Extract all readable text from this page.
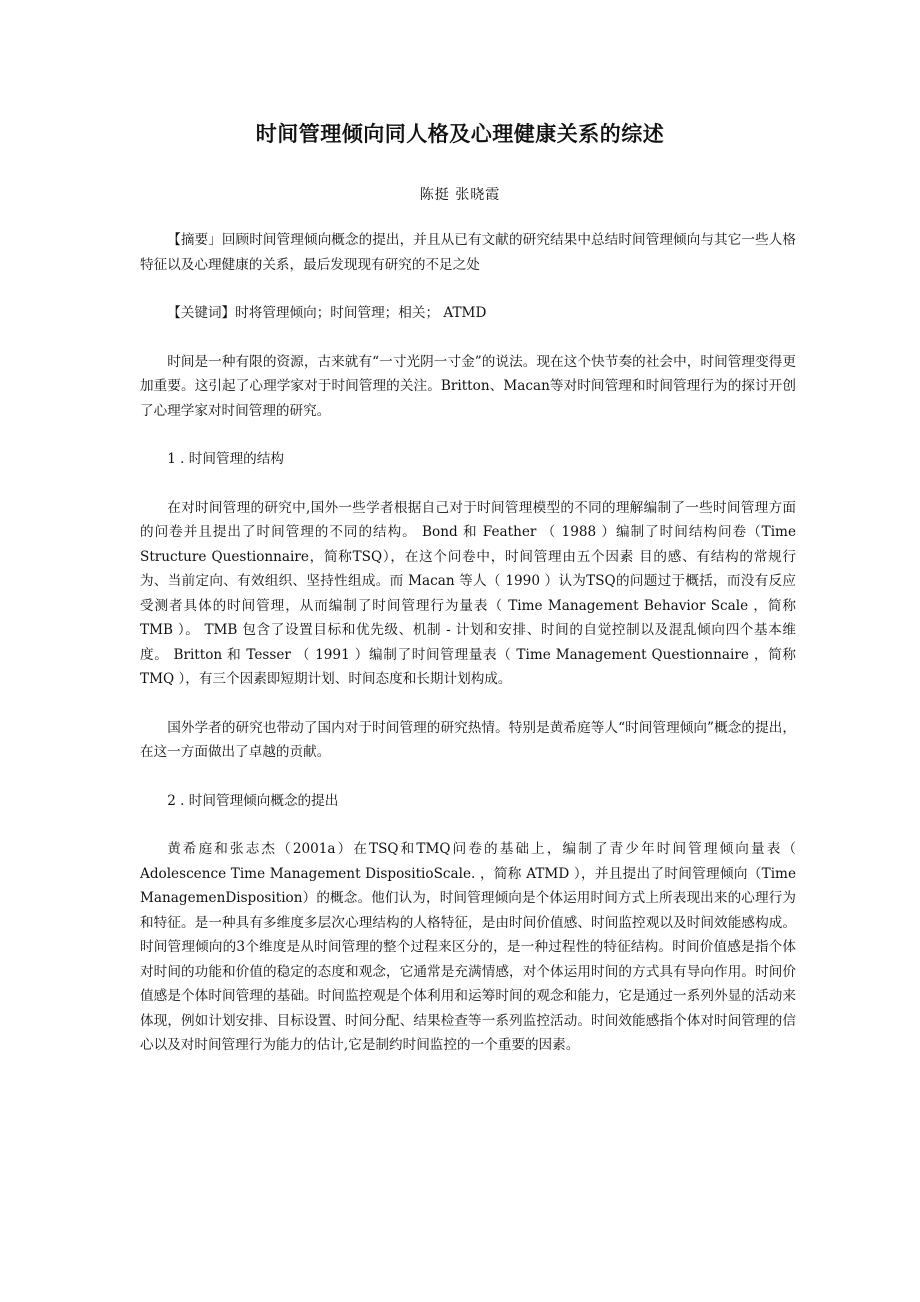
时间管理倾向同人格及心理健康关系的综述
陈挺 张晓霞

【摘要」回顾时间管理倾向概念的提出，并且从已有文献的研究结果中总结时间管理倾向与其它一些人格特征以及心理健康的关系，最后发现现有研究的不足之处

【关键词】时将管理倾向；时间管理；相关； ATMD

时间是一种有限的资源，古来就有“一寸光阴一寸金”的说法。现在这个快节奏的社会中，时间管理变得更加重要。这引起了心理学家对于时间管理的关注。Britton、Macan等对时间管理和时间管理行为的探讨开创了心理学家对时间管理的研究。

1 . 时间管理的结构

在对时间管理的研究中,国外一些学者根据自己对于时间管理模型的不同的理解编制了一些时间管理方面的问卷并且提出了时间管理的不同的结构。 Bond 和 Feather （ 1988 ）编制了时间结构问卷（Time Structure Questionnaire，简称TSQ），在这个问卷中，时间管理由五个因素 目的感、有结构的常规行为、当前定向、有效组织、坚持性组成。而 Macan 等人（ 1990 ）认为TSQ的问题过于概括，而没有反应受测者具体的时间管理，从而编制了时间管理行为量表（ Time Management Behavior Scale ，简称 TMB ）。 TMB 包含了设置目标和优先级、机制 - 计划和安排、时间的自觉控制以及混乱倾向四个基本维度。 Britton 和 Tesser （ 1991 ）编制了时间管理量表（ Time Management Questionnaire ，简称 TMQ ），有三个因素即短期计划、时间态度和长期计划构成。

国外学者的研究也带动了国内对于时间管理的研究热情。特别是黄希庭等人“时间管理倾向”概念的提出，在这一方面做出了卓越的贡献。

2 . 时间管理倾向概念的提出

黄希庭和张志杰（2001a）在TSQ和TMQ问卷的基础上，编制了青少年时间管理倾向量表（ Adolescence Time Management DispositioScale. ，简称 ATMD ），并且提出了时间管理倾向（Time ManagemenDisposition）的概念。他们认为，时间管理倾向是个体运用时间方式上所表现出来的心理行为和特征。是一种具有多维度多层次心理结构的人格特征，是由时间价值感、时间监控观以及时间效能感构成。时间管理倾向的3个维度是从时间管理的整个过程来区分的，是一种过程性的特征结构。时间价值感是指个体对时间的功能和价值的稳定的态度和观念，它通常是充满情感，对个体运用时间的方式具有导向作用。时间价值感是个体时间管理的基础。时间监控观是个体利用和运筹时间的观念和能力，它是通过一系列外显的活动来体现，例如计划安排、目标设置、时间分配、结果检查等一系列监控活动。时间效能感指个体对时间管理的信心以及对时间管理行为能力的估计,它是制约时间监控的一个重要的因素。
